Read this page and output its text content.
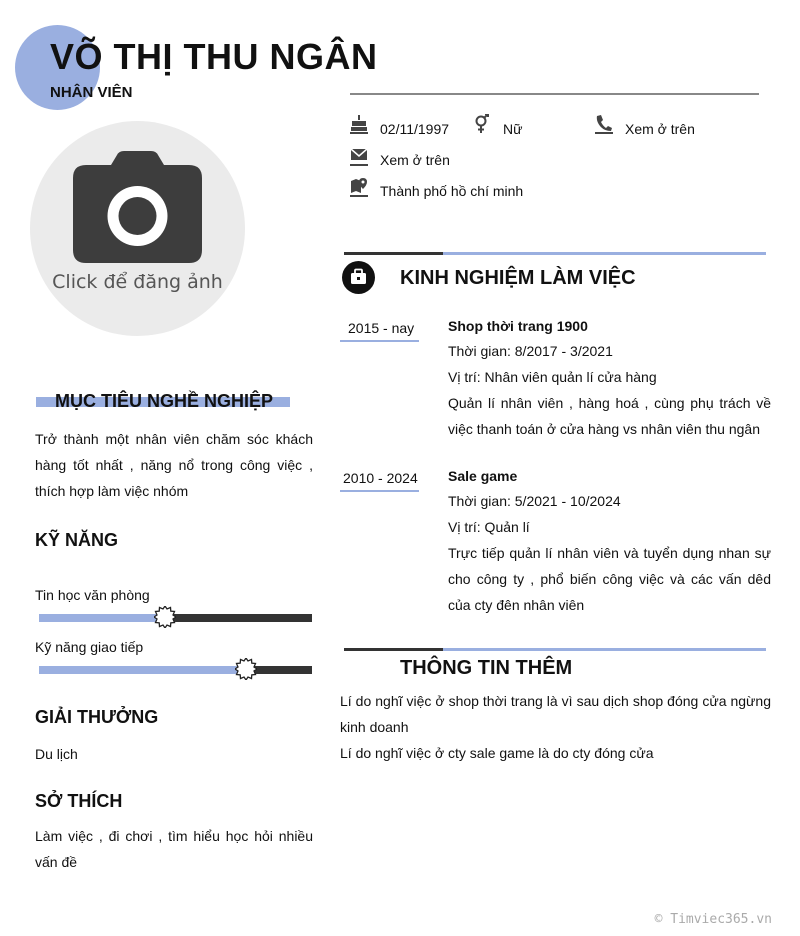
VÕ THỊ THU NGÂN
NHÂN VIÊN
Click để đăng ảnh
02/11/1997	Nữ	Xem ở trên
Xem ở trên
Thành phố hồ chí minh
MỤC TIÊU NGHỀ NGHIỆP
Trở thành một nhân viên chăm sóc khách hàng tốt nhất , năng nổ trong công việc , thích hợp làm việc nhóm
KỸ NĂNG
Tin học văn phòng
Kỹ năng giao tiếp
GIẢI THƯỞNG
Du lịch
SỞ THÍCH
Làm việc , đi chơi , tìm hiểu học hỏi nhiều vấn đề
KINH NGHIỆM LÀM VIỆC
2015 - nay Shop thời trang 1900
Thời gian: 8/2017 - 3/2021
Vị trí: Nhân viên quản lí cửa hàng
Quản lí nhân viên , hàng hoá , cùng phụ trách về việc thanh toán ở cửa hàng vs nhân viên thu ngân
2010 - 2024 Sale game
Thời gian: 5/2021 - 10/2024
Vị trí: Quản lí
Trực tiếp quản lí nhân viên và tuyển dụng nhan sự cho công ty , phổ biến công việc và các vấn dêd của cty đên nhân viên
THÔNG TIN THÊM
Lí do nghĩ việc ở shop thời trang là vì sau dịch shop đóng cửa ngừng kinh doanh
Lí do nghĩ việc ở cty sale game là do cty đóng cửa
© Timviec365.vn
